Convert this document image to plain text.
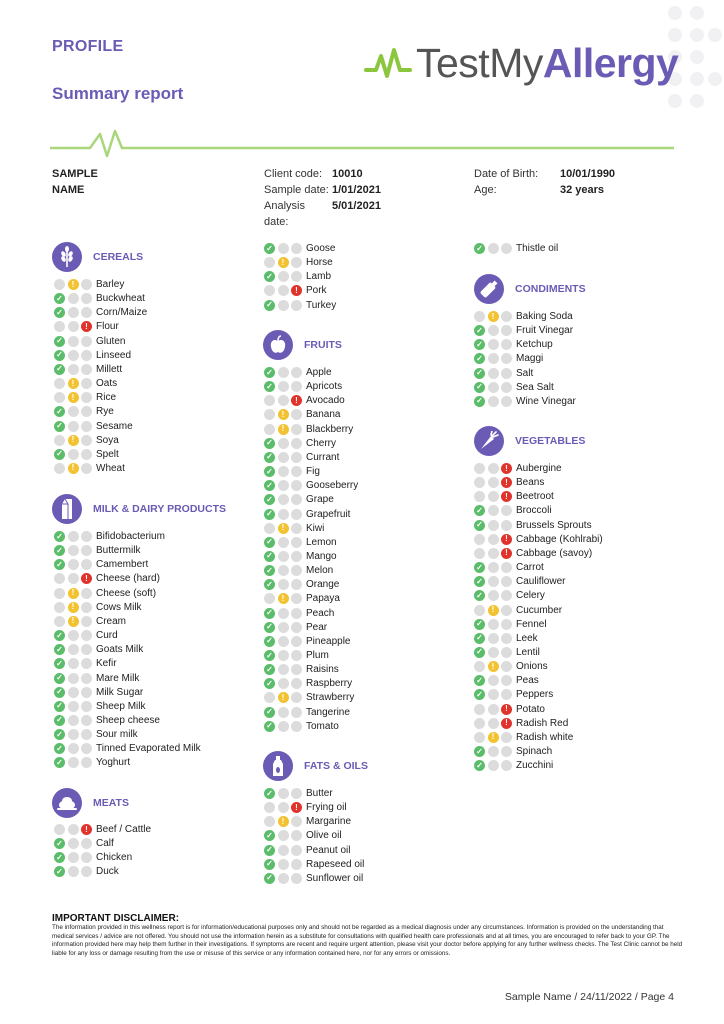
PROFILE
Summary report
TestMyAllergy
SAMPLE
NAME
Client code: 10010
Sample date: 1/01/2021
Analysis date:
5/01/2021
Date of Birth:	10/01/1990
Age:	32 years
CEREALS
MILK & DAIRY PRODUCTS
MEATS
FRUITS
FATS & OILS
CONDIMENTS
VEGETABLES
!	Barley
✓	Buckwheat
✓	Corn/Maize
! Flour
✓	Gluten
✓	Linseed
✓	Millett
!	Oats
!	Rice
✓	Rye
✓	Sesame
!	Soya
✓	Spelt
!	Wheat
✓	Bifidobacterium
✓	Buttermilk
✓	Camembert
! Cheese (hard)
!	Cheese (soft)
!	Cows Milk
!	Cream
✓	Curd
✓	Goats Milk
✓	Kefir
✓	Mare Milk
✓	Milk Sugar
✓	Sheep Milk
✓	Sheep cheese
✓	Sour milk
✓	Tinned Evaporated Milk
✓	Yoghurt
! Beef / Cattle
✓	Calf
✓	Chicken
✓	Duck
✓	Goose
!	Horse
✓	Lamb
! Pork
✓	Turkey
✓	Apple
✓	Apricots
! Avocado
!	Banana
!	Blackberry
✓	Cherry
✓	Currant
✓	Fig
✓	Gooseberry
✓	Grape
✓	Grapefruit
!	Kiwi
✓	Lemon
✓	Mango
✓	Melon
✓	Orange
!	Papaya
✓	Peach
✓	Pear
✓	Pineapple
✓	Plum
✓	Raisins
✓	Raspberry
!	Strawberry
✓	Tangerine
✓	Tomato
✓	Butter
! Frying oil
!	Margarine
✓	Olive oil
✓	Peanut oil
✓	Rapeseed oil
✓	Sunflower oil
✓	Thistle oil
!	Baking Soda
✓	Fruit Vinegar
✓	Ketchup
✓	Maggi
✓	Salt
✓	Sea Salt
✓	Wine Vinegar
! Aubergine
! Beans
! Beetroot
✓	Broccoli
✓	Brussels Sprouts
! Cabbage (Kohlrabi)
! Cabbage (savoy)
✓	Carrot
✓	Cauliflower
✓	Celery
!	Cucumber
✓	Fennel
✓	Leek
✓	Lentil
!	Onions
✓	Peas
✓	Peppers
! Potato
! Radish Red
!	Radish white
✓	Spinach
✓	Zucchini
IMPORTANT DISCLAIMER:
The information provided in this wellness report is for information/educational purposes only and should not be regarded as a medical diagnosis under any circumstances. Information is provided on the understanding that medical services / advice are not offered. You should not use the information herein as a substitute for consultations with qualified health care professionals and at all times, you are encouraged to refer back to your GP. The information provided here may help them further in their investigations. If symptoms are recent and require urgent attention, please visit your doctor before applying for any further wellness checks. The Test Clinic cannot be held liable for any loss or damage resulting from the use or misuse of this service or any information contained here, nor for any errors or omissions.
Sample Name / 24/11/2022 / Page 4
